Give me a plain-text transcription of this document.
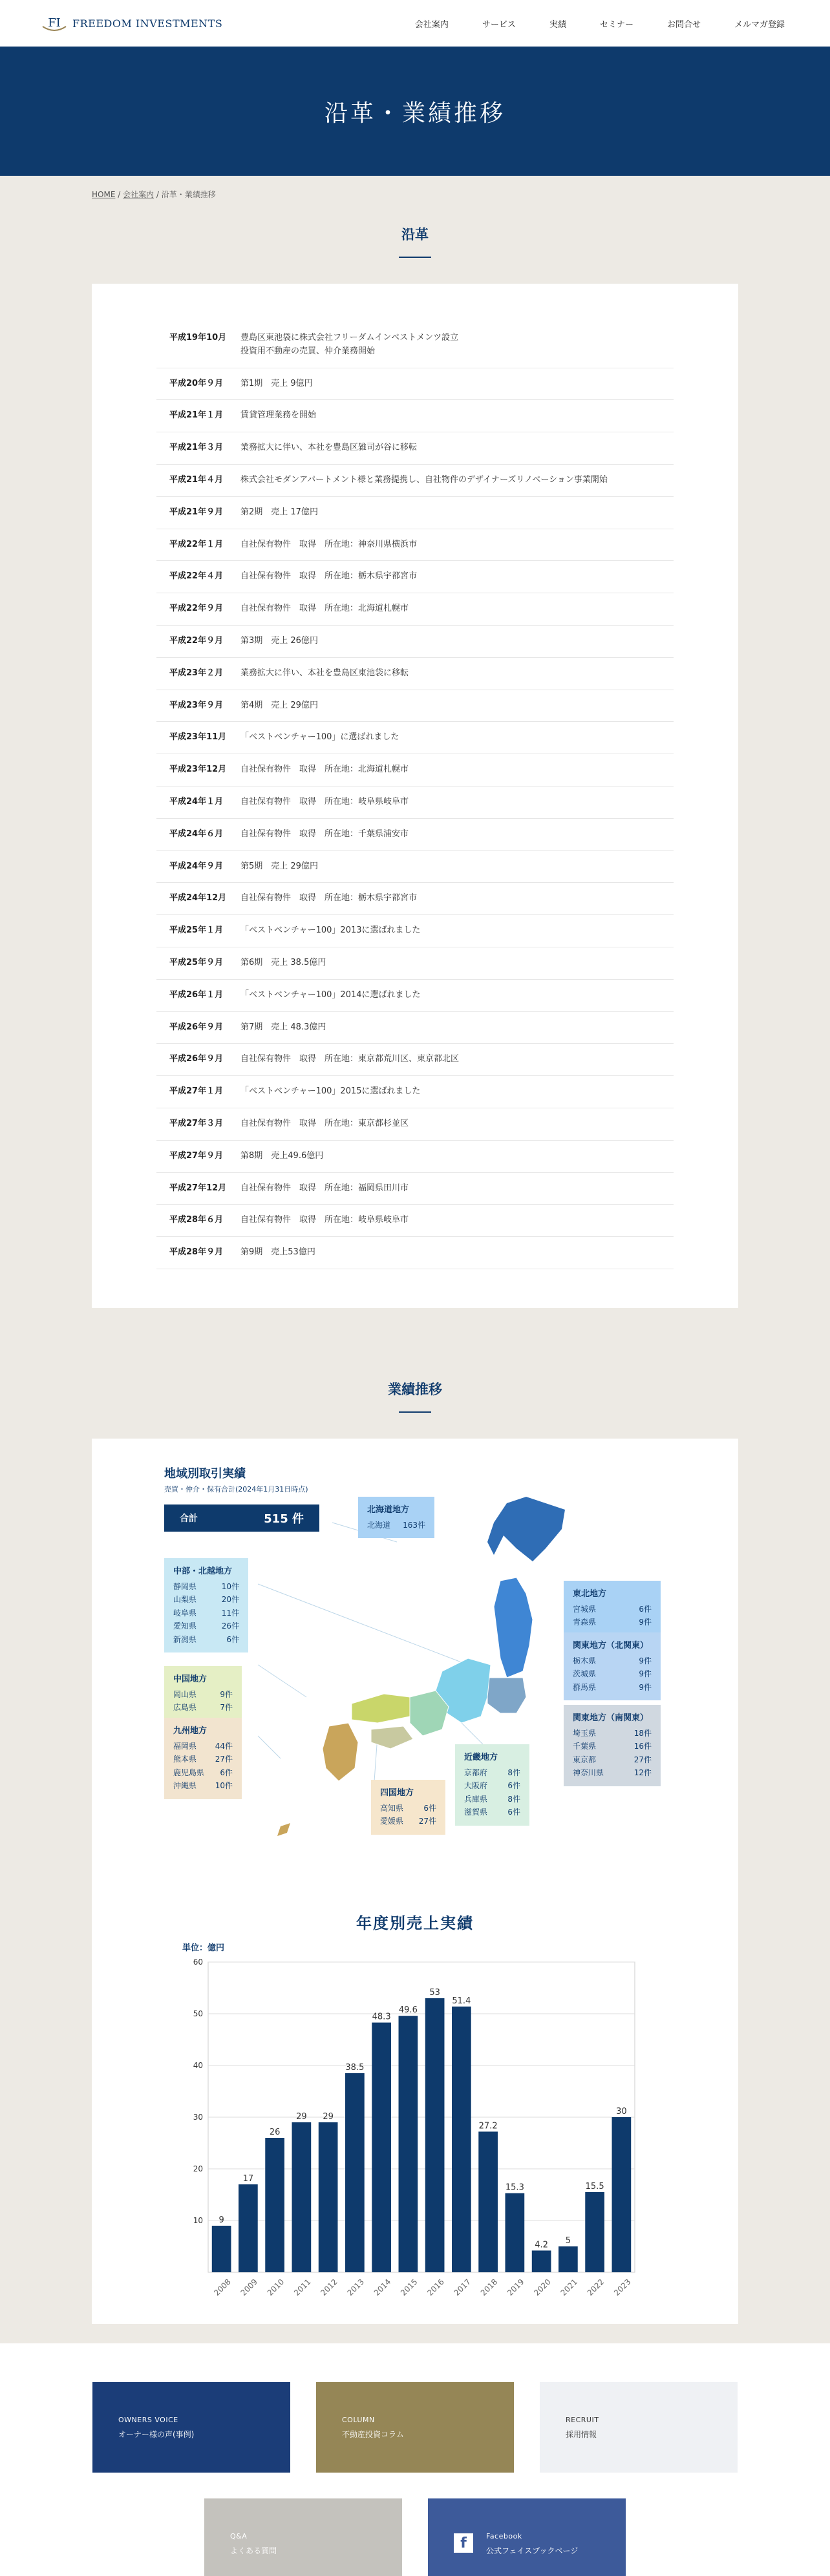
FI FREEDOM INVESTMENTS	会社案内	サービス	実績	セミナー	お問合せ	メルマガ登録
沿革・業績推移
HOME / 会社案内 / 沿革・業績推移
沿革
平成19年10月	豊島区東池袋に株式会社フリーダムインベストメンツ設立
投資用不動産の売買、仲介業務開始
平成20年９月	第1期　売上 9億円
平成21年１月	賃貸管理業務を開始
平成21年３月	業務拡大に伴い、本社を豊島区雑司が谷に移転
平成21年４月	株式会社モダンアパートメント様と業務提携し、自社物件のデザイナーズリノベーション事業開始
平成21年９月	第2期　売上 17億円
平成22年１月	自社保有物件　取得　所在地：神奈川県横浜市
平成22年４月	自社保有物件　取得　所在地：栃木県宇都宮市
平成22年９月	自社保有物件　取得　所在地：北海道札幌市
平成22年９月	第3期　売上 26億円
平成23年２月	業務拡大に伴い、本社を豊島区東池袋に移転
平成23年９月	第4期　売上 29億円
平成23年11月	「ベストベンチャー100」に選ばれました
平成23年12月	自社保有物件　取得　所在地：北海道札幌市
平成24年１月	自社保有物件　取得　所在地：岐阜県岐阜市
平成24年６月	自社保有物件　取得　所在地：千葉県浦安市
平成24年９月	第5期　売上 29億円
平成24年12月	自社保有物件　取得　所在地：栃木県宇都宮市
平成25年１月	「ベストベンチャー100」2013に選ばれました
平成25年９月	第6期　売上 38.5億円
平成26年１月	「ベストベンチャー100」2014に選ばれました
平成26年９月	第7期　売上 48.3億円
平成26年９月	自社保有物件　取得　所在地：東京都荒川区、東京都北区
平成27年１月	「ベストベンチャー100」2015に選ばれました
平成27年３月	自社保有物件　取得　所在地：東京都杉並区
平成27年９月	第8期　売上49.6億円
平成27年12月	自社保有物件　取得　所在地：福岡県田川市
平成28年６月	自社保有物件　取得　所在地：岐阜県岐阜市
平成28年９月	第9期　売上53億円
業績推移
地域別取引実績
売買・仲介・保有合計(2024年1月31日時点)
合計	515 件
北海道地方
北海道 163件
東北地方
宮城県	6件
青森県	9件
関東地方（北関東）
栃木県	9件
茨城県	9件
群馬県	9件
関東地方（南関東）
埼玉県	18件
千葉県	16件
東京都	27件
神奈川県	12件
中部・北越地方
静岡県	10件
山梨県	20件
岐阜県	11件
愛知県	26件
新潟県	6件
中国地方
岡山県	9件
広島県	7件
九州地方
福岡県 44件
熊本県 27件
鹿児島県 6件
沖縄県 10件
四国地方
高知県	6件
愛媛県 27件
近畿地方
京都府	8件
大阪府	6件
兵庫県	8件
滋賀県	6件
年度別売上実績
単位：億円
10
20
30
40
50
60
9
2008
17
2009
26
2010
29
2011
29
2012
38.5
2013
48.3
2014
49.6
2015
53
2016
51.4
2017
27.2
2018
15.3
2019
4.2
2020
5
2021
15.5
2022
30
2023
OWNERS VOICE
オーナー様の声(事例)
COLUMN
不動産投資コラム
RECRUIT
採用情報
Q&A
よくある質問
Facebook
公式フェイスブックページ
f
